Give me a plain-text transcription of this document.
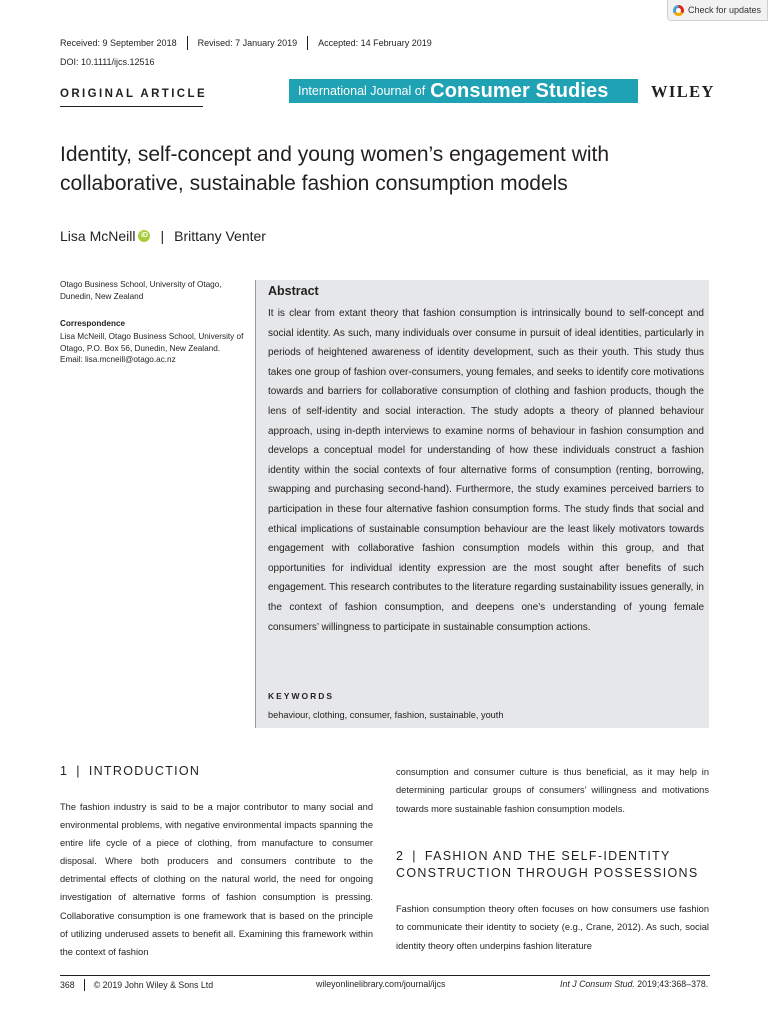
Check for updates
Received: 9 September 2018 Revised: 7 January 2019 Accepted: 14 February 2019
DOI: 10.1111/ijcs.12516
ORIGINAL ARTICLE	International Journal of Consumer Studies	WILEY
Identity, self-concept and young women’s engagement with collaborative, sustainable fashion consumption models
Lisa McNeill iD | Brittany Venter
Otago Business School, University of Otago, Dunedin, New Zealand
Correspondence
Lisa McNeill, Otago Business School, University of Otago, P.O. Box 56, Dunedin, New Zealand.
Email: lisa.mcneill@otago.ac.nz
Abstract
It is clear from extant theory that fashion consumption is intrinsically bound to self-concept and social identity. As such, many individuals over consume in pursuit of ideal identities, particularly in periods of heightened awareness of identity development, such as their youth. This study thus takes one group of fashion over-consumers, young females, and seeks to identify core motivations towards and barriers for collaborative consumption of clothing and fashion products, though the lens of self-identity and social interaction. The study adopts a theory of planned behaviour approach, using in-depth interviews to examine norms of behaviour in fashion consumption and develops a conceptual model for understanding of how these individuals construct a fashion identity within the social contexts of four alternative forms of consumption (renting, borrowing, swapping and purchasing second-hand). Furthermore, the study examines perceived barriers to participation in these four alternative fashion consumption forms. The study finds that social and ethical implications of sustainable consumption behaviour are the least likely motivators towards engagement with collaborative fashion consumption models within this group, and that opportunities for individual identity expression are the most sought after benefits of such engagement. This research contributes to the literature regarding sustainability issues generally, in the context of fashion consumption, and deepens one’s understanding of young female consumers’ willingness to participate in sustainable consumption actions.
KEYWORDS
behaviour, clothing, consumer, fashion, sustainable, youth
1 | INTRODUCTION
The fashion industry is said to be a major contributor to many social and environmental problems, with negative environmental impacts spanning the entire life cycle of a piece of clothing, from manufacture to consumer disposal. Where both producers and consumers contribute to the detrimental effects of clothing on the natural world, the need for ongoing investigation of alternative forms of fashion consumption is pressing. Collaborative consumption is one framework that is based on the principle of utilizing underused assets to benefit all. Examining this framework within the context of fashion
consumption and consumer culture is thus beneficial, as it may help in determining particular groups of consumers’ willingness and motivations towards more sustainable fashion consumption models.
2 | FASHION AND THE SELF-IDENTITY CONSTRUCTION THROUGH POSSESSIONS
Fashion consumption theory often focuses on how consumers use fashion to communicate their identity to society (e.g., Crane, 2012). As such, social identity theory often underpins fashion literature
368 © 2019 John Wiley & Sons Ltd	wileyonlinelibrary.com/journal/ijcs	Int J Consum Stud. 2019;43:368–378.
